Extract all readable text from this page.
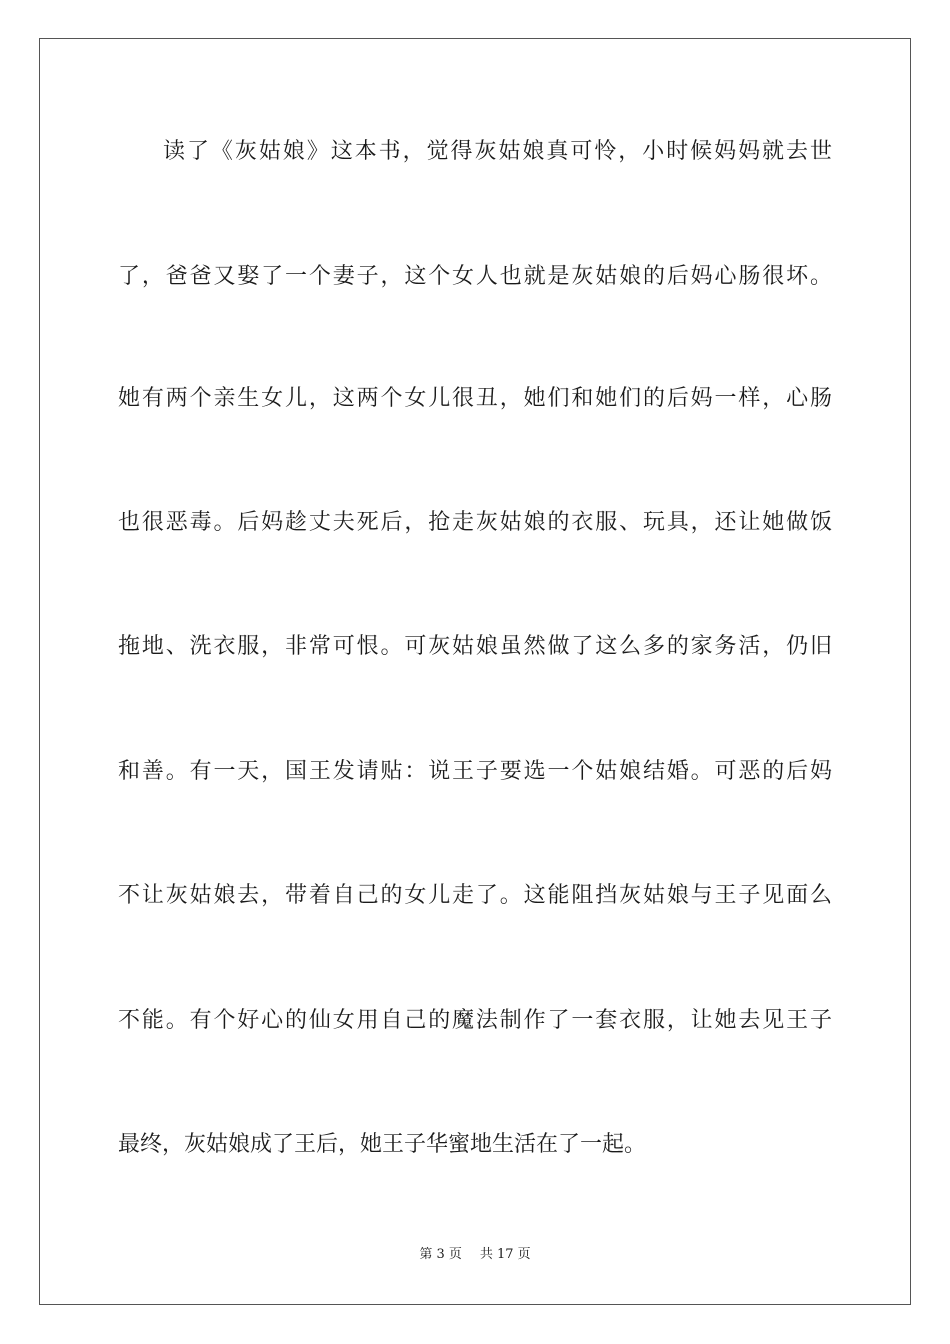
读了《灰姑娘》这本书，觉得灰姑娘真可怜，小时候妈妈就去世
了，爸爸又娶了一个妻子，这个女人也就是灰姑娘的后妈心肠很坏。
她有两个亲生女儿，这两个女儿很丑，她们和她们的后妈一样，心肠
也很恶毒。后妈趁丈夫死后，抢走灰姑娘的衣服、玩具，还让她做饭
拖地、洗衣服，非常可恨。可灰姑娘虽然做了这么多的家务活，仍旧
和善。有一天，国王发请贴：说王子要选一个姑娘结婚。可恶的后妈
不让灰姑娘去，带着自己的女儿走了。这能阻挡灰姑娘与王子见面么
不能。有个好心的仙女用自己的魔法制作了一套衣服，让她去见王子
最终，灰姑娘成了王后，她王子华蜜地生活在了一起。
第 3 页 共 17 页
